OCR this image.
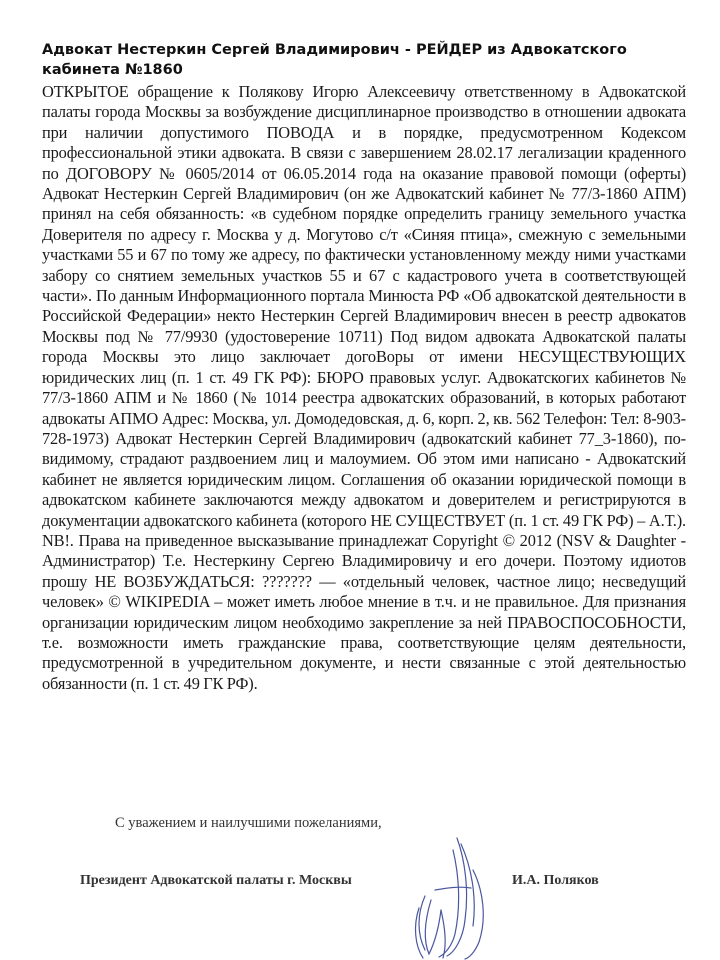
Адвокат Нестеркин Сергей Владимирович - РЕЙДЕР из Адвокатского кабинета №1860

ОТКРЫТОЕ обращение к Полякову Игорю Алексеевичу ответственному в Адвокатской палаты города Москвы за возбуждение дисциплинарное производство в отношении адвоката при наличии допустимого ПОВОДА и в порядке, предусмотренном Кодексом профессиональной этики адвоката. В связи с завершением 28.02.17 легализации краденного по ДОГОВОРУ № 0605/2014 от 06.05.2014 года на оказание правовой помощи (оферты) Адвокат Нестеркин Сергей Владимирович (он же Адвокатский кабинет № 77/3-1860 АПМ) принял на себя обязанность: «в судебном порядке определить границу земельного участка Доверителя по адресу г. Москва у д. Могутово с/т «Синяя птица», смежную с земельными участками 55 и 67 по тому же адресу, по фактически установленному между ними участками забору со снятием земельных участков 55 и 67 с кадастрового учета в соответствующей части». По данным Информационного портала Минюста РФ «Об адвокатской деятельности в Российской Федерации» некто Нестеркин Сергей Владимирович внесен в реестр адвокатов Москвы под № 77/9930 (удостоверение 10711) Под видом адвоката Адвокатской палаты города Москвы это лицо заключает догоВоры от имени НЕСУЩЕСТВУЮЩИХ юридических лиц (п. 1 ст. 49 ГК РФ): БЮРО правовых услуг. Адвокатскогих кабинетов № 77/3-1860 АПМ и № 1860 (№ 1014 реестра адвокатских образований, в которых работают адвокаты АПМО Адрес: Москва, ул. Домодедовская, д. 6, корп. 2, кв. 562 Телефон: Тел: 8-903-728-1973) Адвокат Нестеркин Сергей Владимирович (адвокатский кабинет 77_3-1860), по-видимому, страдают раздвоением лиц и малоумием. Об этом ими написано - Адвокатский кабинет не является юридическим лицом. Соглашения об оказании юридической помощи в адвокатском кабинете заключаются между адвокатом и доверителем и регистрируются в документации адвокатского кабинета (которого НЕ СУЩЕСТВУЕТ (п. 1 ст. 49 ГК РФ) – А.Т.). NB!. Права на приведенное высказывание принадлежат Copyright © 2012 (NSV & Daughter - Администратор) Т.е. Нестеркину Сергею Владимировичу и его дочери. Поэтому идиотов прошу НЕ ВОЗБУЖДАТЬСЯ: ??????? — «отдельный человек, частное лицо; несведущий человек» © WIKIPEDIA – может иметь любое мнение в т.ч. и не правильное. Для признания организации юридическим лицом необходимо закрепление за ней ПРАВОСПОСОБНОСТИ, т.е. возможности иметь гражданские права, соответствующие целям деятельности, предусмотренной в учредительном документе, и нести связанные с этой деятельностью обязанности (п. 1 ст. 49 ГК РФ).

С уважением и наилучшими пожеланиями,
Президент Адвокатской палаты г. Москвы	И.А. Поляков
